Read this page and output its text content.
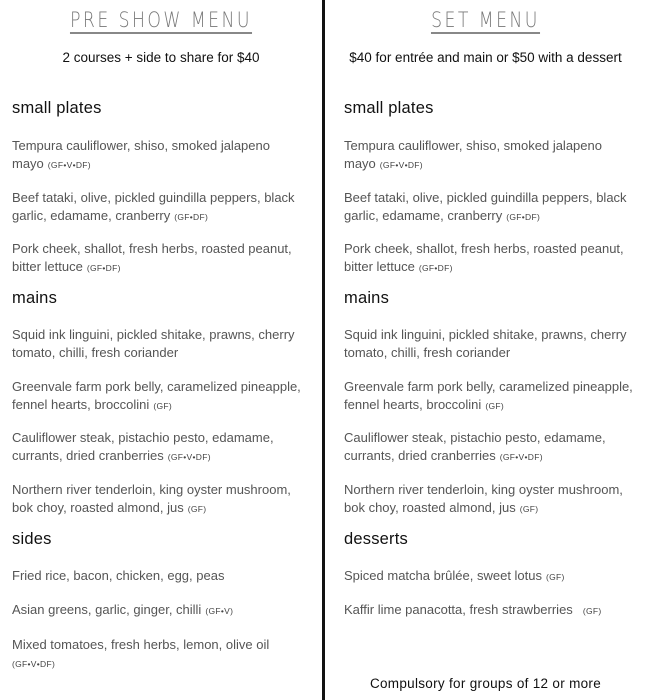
PRE SHOW MENU
2 courses + side to share for $40
small plates
Tempura cauliflower, shiso, smoked jalapeno mayo (GF•V•DF)
Beef tataki, olive, pickled guindilla peppers, black garlic, edamame, cranberry (GF•DF)
Pork cheek, shallot, fresh herbs, roasted peanut, bitter lettuce (GF•DF)
mains
Squid ink linguini, pickled shitake, prawns, cherry tomato, chilli, fresh coriander
Greenvale farm pork belly, caramelized pineapple, fennel hearts, broccolini (GF)
Cauliflower steak, pistachio pesto, edamame, currants, dried cranberries (GF•V•DF)
Northern river tenderloin, king oyster mushroom, bok choy, roasted almond, jus (GF)
sides
Fried rice, bacon, chicken, egg, peas
Asian greens, garlic, ginger, chilli (GF•V)
Mixed tomatoes, fresh herbs, lemon, olive oil
(GF•V•DF)
SET MENU
$40 for entrée and main or $50 with a dessert
small plates
Tempura cauliflower, shiso, smoked jalapeno mayo (GF•V•DF)
Beef tataki, olive, pickled guindilla peppers, black garlic, edamame, cranberry (GF•DF)
Pork cheek, shallot, fresh herbs, roasted peanut, bitter lettuce (GF•DF)
mains
Squid ink linguini, pickled shitake, prawns, cherry tomato, chilli, fresh coriander
Greenvale farm pork belly, caramelized pineapple, fennel hearts, broccolini (GF)
Cauliflower steak, pistachio pesto, edamame, currants, dried cranberries (GF•V•DF)
Northern river tenderloin, king oyster mushroom, bok choy, roasted almond, jus (GF)
desserts
Spiced matcha brûlée, sweet lotus (GF)
Kaffir lime panacotta, fresh strawberries (GF)
Compulsory for groups of 12 or more
